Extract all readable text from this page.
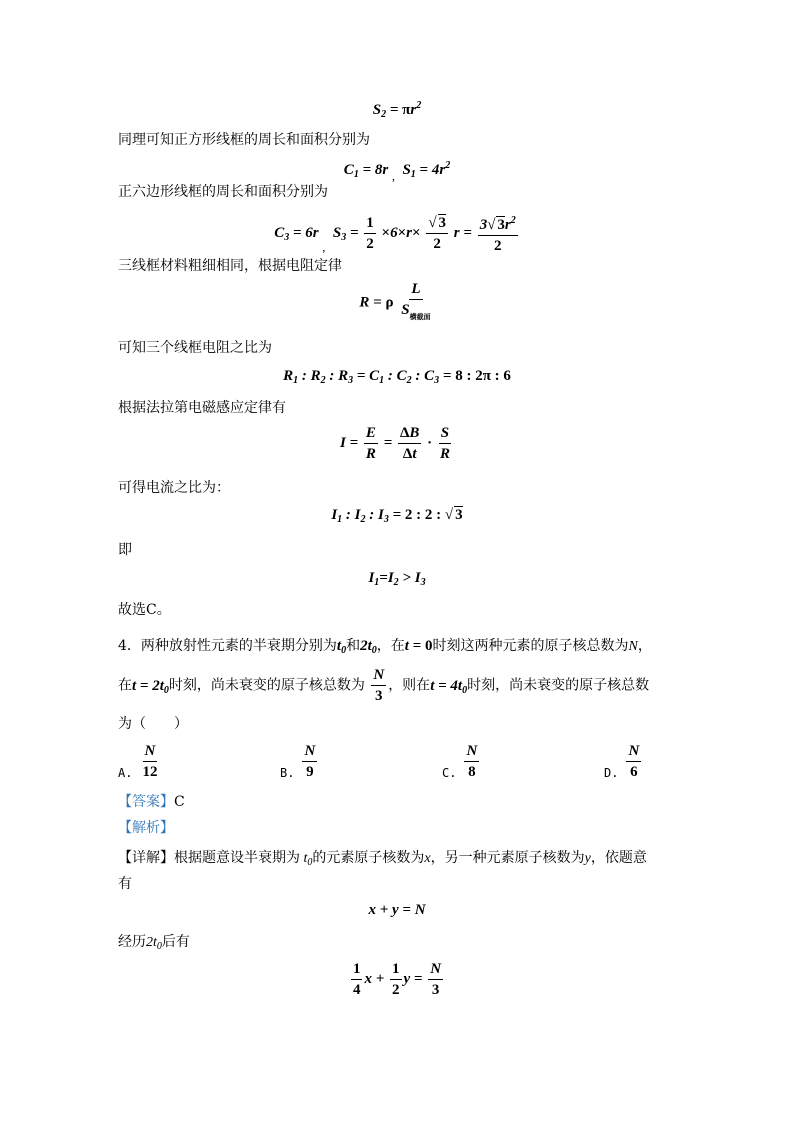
$S_2 = \pi r^2$
同理可知正方形线框的周长和面积分别为
$C_1 = 8r$ $_,$  $S_1 = 4r^2$
正六边形线框的周长和面积分别为
$C_3 = 6r$ $_,$  $S_3 = \frac{1}{2} \times 6\times r\times \frac{√ 3}{2}$ $r = \frac{3√ 3r^2}{2}$
三线框材料粗细相同，根据电阻定律
R = ρ $\frac{L}{S_{横截面}}$
可知三个线框电阻之比为
$R_1$ : $R_2$ : $R_3 = C_1$ : $C_2$ : $C_3 = 8$ : 2π : 6
根据法拉第电磁感应定律有
$I = \frac{E}{R} = \frac{\Delta B}{\Delta t} \cdot \frac{S}{R}$
可得电流之比为：
$I_1$ : $I_2$ : $I_3 = 2$ : 2 : √ 3
即
$I_1=I_2 > I_3$
故选C。
4．两种放射性元素的半衰期分别为$t_0$和$2t_0$，在t = 0时刻这两种元素的原子核总数为N，
在$t = 2t_0$时刻，尚未衰变的原子核总数为 $\frac{N}{3}$ ，则在$t = 4t_0$时刻，尚未衰变的原子核总数
为（　　）
A. $\frac{N}{12}$	B. $\frac{N}{9}$	C. $\frac{N}{8}$	D. $\frac{N}{6}$
【答案】C
【解析】
【详解】根据题意设半衰期为 $t_0$的元素原子核数为x，另一种元素原子核数为y，依题意
有
x + y = N
经历$2t_0$后有
$\frac{1}{4}$ $x + \frac{1}{2}$ $y = \frac{N}{3}$
